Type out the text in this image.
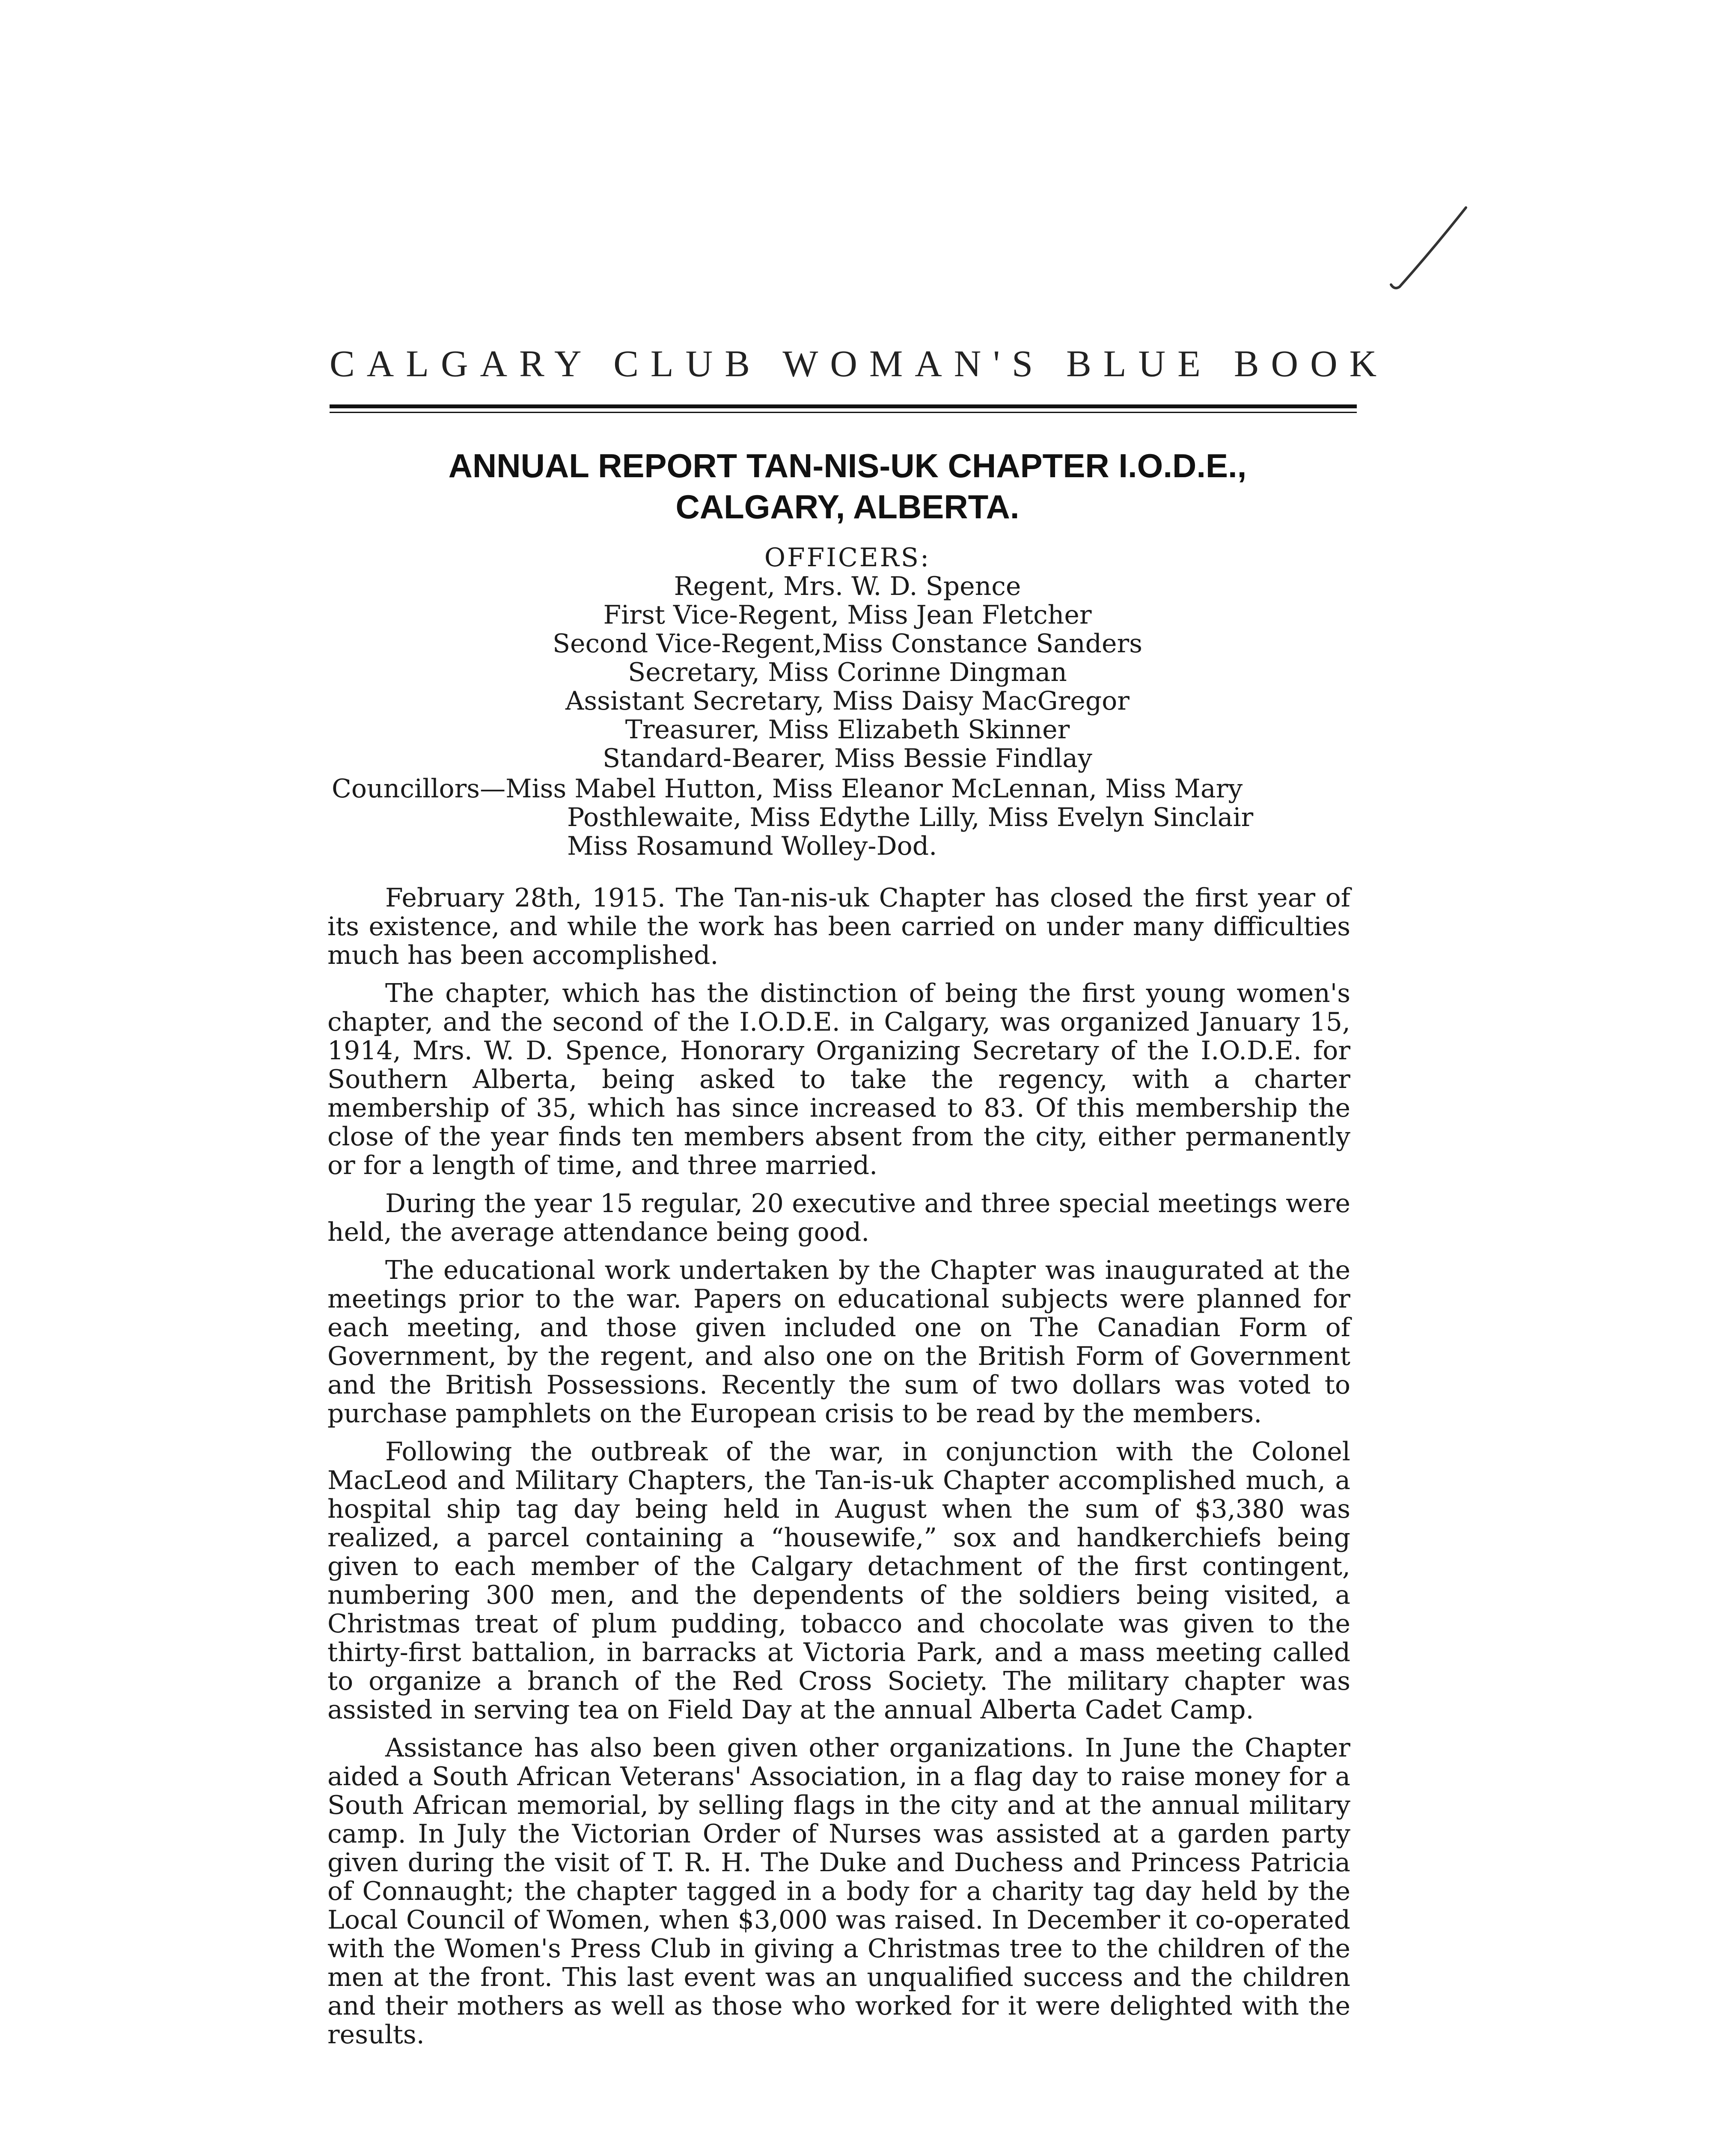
CALGARY CLUB WOMAN'S BLUE BOOK
ANNUAL REPORT TAN-NIS-UK CHAPTER I.O.D.E.,
CALGARY, ALBERTA.
OFFICERS:
Regent, Mrs. W. D. Spence
First Vice-Regent, Miss Jean Fletcher
Second Vice-Regent,Miss Constance Sanders
Secretary, Miss Corinne Dingman
Assistant Secretary, Miss Daisy MacGregor
Treasurer, Miss Elizabeth Skinner
Standard-Bearer, Miss Bessie Findlay
Councillors—Miss Mabel Hutton, Miss Eleanor McLennan, Miss Mary
Posthlewaite, Miss Edythe Lilly, Miss Evelyn Sinclair
Miss Rosamund Wolley-Dod.

February 28th, 1915. The Tan-nis-uk Chapter has closed the first year of its existence, and while the work has been carried on under many difficulties much has been accomplished.

The chapter, which has the distinction of being the first young women's chapter, and the second of the I.O.D.E. in Calgary, was organized January 15, 1914, Mrs. W. D. Spence, Honorary Organizing Secretary of the I.O.D.E. for Southern Alberta, being asked to take the regency, with a charter membership of 35, which has since increased to 83. Of this membership the close of the year finds ten members absent from the city, either permanently or for a length of time, and three married.

During the year 15 regular, 20 executive and three special meetings were held, the average attendance being good.

The educational work undertaken by the Chapter was inaugurated at the meetings prior to the war. Papers on educational subjects were planned for each meeting, and those given included one on The Canadian Form of Government, by the regent, and also one on the British Form of Government and the British Possessions. Recently the sum of two dollars was voted to purchase pamphlets on the European crisis to be read by the members.

Following the outbreak of the war, in conjunction with the Colonel MacLeod and Military Chapters, the Tan-is-uk Chapter accomplished much, a hospital ship tag day being held in August when the sum of $3,380 was realized, a parcel containing a “housewife,” sox and handkerchiefs being given to each member of the Calgary detachment of the first contingent, numbering 300 men, and the dependents of the soldiers being visited, a Christmas treat of plum pudding, tobacco and chocolate was given to the thirty-first battalion, in barracks at Victoria Park, and a mass meeting called to organize a branch of the Red Cross Society. The military chapter was assisted in serving tea on Field Day at the annual Alberta Cadet Camp.

Assistance has also been given other organizations. In June the Chapter aided a South African Veterans' Association, in a flag day to raise money for a South African memorial, by selling flags in the city and at the annual military camp. In July the Victorian Order of Nurses was assisted at a garden party given during the visit of T. R. H. The Duke and Duchess and Princess Patricia of Connaught; the chapter tagged in a body for a charity tag day held by the Local Council of Women, when $3,000 was raised. In December it co-operated with the Women's Press Club in giving a Christmas tree to the children of the men at the front. This last event was an unqualified success and the children and their mothers as well as those who worked for it were delighted with the results.
